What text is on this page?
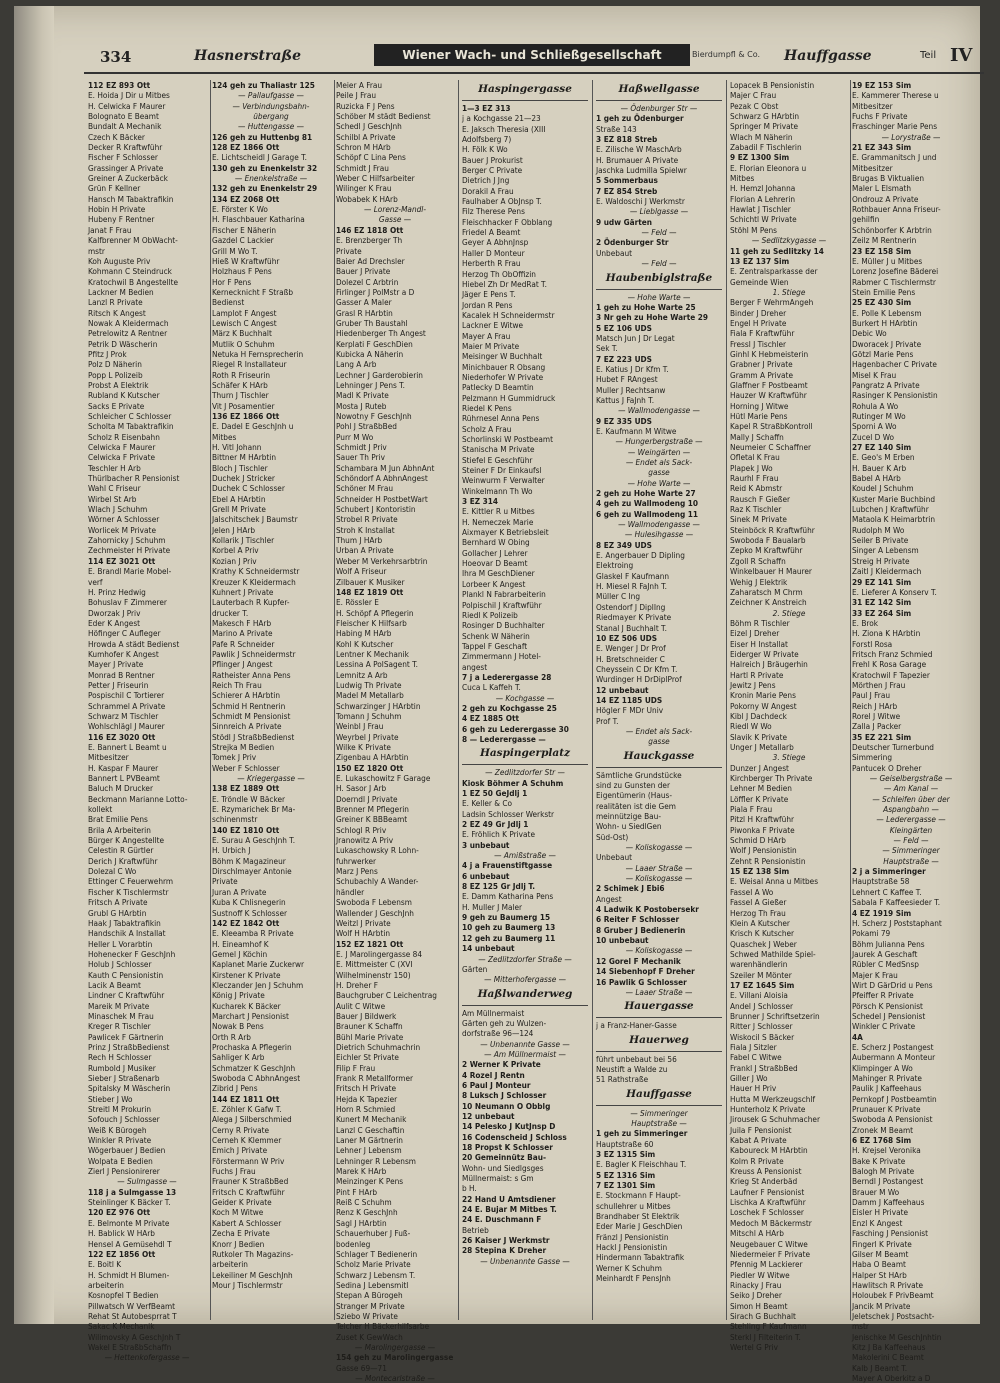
334	Hasnerstraße	Wiener Wach- und Schließgesellschaft	Bierdumpfl & Co. Hauffgasse	Teil IV
112 EZ 893 Ott
E. Hoida J Dir u Mitbes
H. Celwicka F Maurer
Bolognato E Beamt
Bundalt A Mechanik
Czech K Bäcker
Decker R Kraftwführ
Fischer F Schlosser
Grassinger A Private
Greiner A Zuckerbäck
Grün F Kellner
Hansch M Tabaktrafikin
Hobin H Private
Hubeny F Rentner
Janat F Frau
Kalfbrenner M ObWacht-
mstr
Koh Auguste Priv
Kohmann C Steindruck
Kratochwil B Angestellte
Lackner M Bedien
Lanzl R Private
Ritsch K Angest
Nowak A Kleidermach
Petrelowitz A Rentner
Petrik D Wäscherin
Pfitz J Prok
Polz D Näherin
Popp L Polizeib
Probst A Elektrik
Rubland K Kutscher
Sacks E Private
Schleicher C Schlosser
Scholta M Tabaktrafikin
Scholz R Eisenbahn
Celwicka F Maurer
Celwicka F Private
Teschler H Arb
Thürlbacher R Pensionist
Wahl C Friseur
Wirbel St Arb
Wlach J Schuhm
Wörner A Schlosser
Worlicek M Private
Zahornicky J Schuhm
Zechmeister H Private
114 EZ 3021 Ott
E. Brandl Marie Mobel-
verf
H. Prinz Hedwig
Bohuslav F Zimmerer
Dworzak J Priv
Eder K Angest
Höfinger C Aufleger
Hrowda A städt Bedienst
Kumhofer K Angest
Mayer J Private
Monrad B Rentner
Petter J Friseurin
Pospischil C Tortierer
Schrammel A Private
Schwarz M Tischler
Wohlschlägl J Maurer
116 EZ 3020 Ott
E. Bannert L Beamt u
Mitbesitzer
H. Kaspar F Maurer
Bannert L PVBeamt
Baluch M Drucker
Beckmann Marianne Lotto-
kollekt
Brat Emilie Pens
Brila A Arbeiterin
Bürger K Angestellte
Celestin R Gürtler
Derich J Kraftwführ
Dolezal C Wo
Ettinger C Feuerwehrm
Fischer K Tischlermstr
Fritsch A Private
Grubl G HArbtin
Haak J Tabaktrafikin
Handschik A Installat
Heller L Vorarbtin
Hohenecker F GeschJnh
Holub J Schlosser
Kauth C Pensionistin
Lacik A Beamt
Lindner C Kraftwführ
Mareik M Private
Minaschek M Frau
Kreger R Tischler
Pawlicek F Gärtnerin
Prinz J StraßbBedienst
Rech H Schlosser
Rumbold J Musiker
Sieber J Straßenarb
Spitalsky M Wäscherin
Stieber J Wo
Streitl M Prokurin
Sofouch J Schlosser
Weiß K Bürogeh
Winkler R Private
Wögerbauer J Bedien
Wolpata E Bedien
Zierl J Pensionirerer
— Sulmgasse —
118 j a Sulmgasse 13
Steinlinger K Bäcker T.
120 EZ 976 Ott
E. Belmonte M Private
H. Bablick W HArb
Hensel A Gemüsehdl T
122 EZ 1856 Ott
E. Boitl K
H. Schmidt H Blumen-
arbeiterin
Kosnopfel T Bedien
Pillwatsch W VerfBeamt
Rehat St Autobesprrat T
Sakac K Mechanik
Wilimovsky A GeschJnh T
Wakel E StraßbSchaffn
— Hettenkofergasse —
124 geh zu Thaliastr 125
— Pallaufgasse —
— Verbindungsbahn-
übergang
— Huttengasse —
126 geh zu Huttenbg 81
128 EZ 1866 Ott
E. Lichtscheidl J Garage T.
130 geh zu Enenkelstr 32
— Enenkelstraße —
132 geh zu Enenkelstr 29
134 EZ 2068 Ott
E. Förster K Wo
H. Flaschbauer Katharina
Fischer E Näherin
Gazdel C Lackier
Grill M Wo T.
Hieß W Kraftwführ
Holzhaus F Pens
Hor F Pens
Kernecknicht F Straßb
Bedienst
Lamplot F Angest
Lewisch C Angest
März K Buchhalt
Mutlik O Schuhm
Netuka H Fernsprecherin
Riegel R Installateur
Roth R Friseurin
Schäfer K HArb
Thurn J Tischler
Vit J Posamentier
136 EZ 1866 Ott
E. Dadel E GeschJnh u
Mitbes
H. Vitl Johann
Bittner M HArbtin
Bloch J Tischler
Duchek J Stricker
Duchek C Schlosser
Ebel A HArbtin
Grell M Private
Jalschitschek J Baumstr
Jelen J HArb
Kollarik J Tischler
Korbel A Priv
Kozian J Priv
Krathy K Schneidermstr
Kreuzer K Kleidermach
Kuhnert J Private
Lauterbach R Kupfer-
drucker T.
Makesch F HArb
Marino A Private
Pafe R Schneider
Pawlik J Schneidermstr
Pflinger J Angest
Ratheister Anna Pens
Reich Th Frau
Schierer A HArbtin
Schmid H Rentnerin
Schmidt M Pensionist
Sinnreich A Private
Stödl J StraßbBedienst
Strejka M Bedien
Tomek J Priv
Weber F Schlosser
— Kriegergasse —
138 EZ 1889 Ott
E. Tröndle W Bäcker
E. Rzymarichek Br Ma-
schinenmstr
140 EZ 1810 Ott
E. Surau A GeschJnh T.
H. Urbich J
Böhm K Magazineur
Dirschlmayer Antonie
Private
Juran A Private
Kuba K Chlisnegerin
Sustnoff K Schlosser
142 EZ 1842 Ott
E. Kleeamba R Private
H. Eineamhof K
Gemel J Köchin
Kaplanet Marie Zuckerwr
Kirstener K Private
Kleczander Jen J Schuhm
König J Private
Kucharek K Bäcker
Marchart J Pensionist
Nowak B Pens
Orth R Arb
Prochaska A Pflegerin
Sahliger K Arb
Schmatzer K GeschJnh
Swoboda C AbhnAngest
Zibrid J Pens
144 EZ 1811 Ott
E. Zöhler K Gafw T.
Alega J Silberschmied
Cerny R Private
Cerneh K Klemmer
Emich J Private
Förstermann W Priv
Fuchs J Frau
Frauner K StraßbBed
Fritsch C Kraftwführ
Geider K Private
Koch M Witwe
Kabert A Schlosser
Zecha E Private
Knorr J Bedien
Rutkoler Th Magazins-
arbeiterin
Lekeiliner M GeschJnh
Mour J Tischlermstr
Meier A Frau
Peile J Frau
Ruzicka F J Pens
Schöber M städt Bedienst
Schedl J GeschJnh
Schilbl A Private
Schron M HArb
Schöpf C Lina Pens
Schmidt J Frau
Weber C Hilfsarbeiter
Wilinger K Frau
Wobabek K HArb
— Lorenz-Mandl-
Gasse —
146 EZ 1818 Ott
E. Brenzberger Th
Private
Baier Ad Drechsler
Bauer J Private
Dolezel C Arbtrin
Firlinger J PolMstr a D
Gasser A Maler
Grasl R HArbtin
Gruber Th Baustahl
Hiedenberger Th Angest
Kerplati F GeschDien
Kubicka A Näherin
Lang A Arb
Lechner J Garderobierin
Lehninger J Pens T.
Madl K Private
Mosta J Ruteb
Nowotny F GeschJnh
Pohl J StraßbBed
Purr M Wo
Schmidt J Priv
Sauer Th Priv
Schambara M Jun AbhnAnt
Schöndorf A AbhnAngest
Schöner M Frau
Schneider H PostbetWart
Schubert J Kontoristin
Strobel R Private
Stroh K Installat
Thum J HArb
Urban A Private
Weber M Verkehrsarbtrin
Wolf A Friseur
Zilbauer K Musiker
148 EZ 1819 Ott
E. Rössler E
H. Schöpf A Pflegerin
Fleischer K Hilfsarb
Habing M HArb
Kohl K Kutscher
Lentner K Mechanik
Lessina A PolSagent T.
Lemnitz A Arb
Ludwig Th Private
Madel M Metallarb
Schwarzinger J HArbtin
Tomann J Schuhm
Weinbl J Frau
Weyrbel J Private
Wilke K Private
Zigenbau A HArbtin
150 EZ 1820 Ott
E. Lukaschowitz F Garage
H. Sasor J Arb
Doerndl J Private
Brenner M Pflegerin
Greiner K BBBeamt
Schlogl R Priv
Jranowitz A Priv
Lukaschowsky R Lohn-
fuhrwerker
Marz J Pens
Schubachly A Wander-
händler
Swoboda F Lebensm
Wallender J GeschJnh
Weitzl J Private
Wolf H HArbtin
152 EZ 1821 Ott
E. J Marolingergasse 84
E. Mittmeister C (XVI
Wilhelminenstr 150)
H. Dreher F
Bauchgruber C Leichentrag
Aulit C Witwe
Bauer J Bildwerk
Brauner K Schaffn
Bühl Marie Private
Dietrich Schuhmachrin
Eichler St Private
Filip F Frau
Frank R Metallformer
Fritsch H Private
Hejda K Tapezier
Horn R Schmied
Kunert M Mechanik
Lanzl C Geschaftin
Laner M Gärtnerin
Lehner J Lebensm
Lehninger R Lebensm
Marek K HArb
Meinzinger K Pens
Pint F HArb
Reiß C Schuhm
Renz K GeschJnh
Sagl J HArbtin
Schauerhuber J Fuß-
bodenleg
Schlager T Bedienerin
Scholz Marie Private
Schwarz J Lebensm T.
Sedina J Lebensmitl
Stepan A Bürogeh
Stranger M Private
Sziebo W Private
Teicher H Bäckerhilfsarbe
Zuset K GewWach
— Marolingergasse —
154 geh zu Marolingergasse
Gasse 69—71
— Montecarlstraße —
Haspingergasse
1—3 EZ 313
j a Kochgasse 21—23
E. Jaksch Theresia (XIII
Adolfsberg 7)
H. Fölk K Wo
Bauer J Prokurist
Berger C Private
Dietrich J Jng
Dorakil A Frau
Faulhaber A ObJnsp T.
Filz Therese Pens
Fleischhacker F Obblang
Friedel A Beamt
Geyer A AbhnJnsp
Haller D Monteur
Herberth R Frau
Herzog Th ObOffizin
Hiebel Zh Dr MedRat T.
Jäger E Pens T.
Jordan R Pens
Kacalek H Schneidermstr
Lackner E Witwe
Mayer A Frau
Maier M Private
Meisinger W Buchhalt
Minichbauer R Obsang
Niederhofer W Private
Patlecky D Beamtin
Pelzmann H Gummidruck
Riedel K Pens
Rührnesel Anna Pens
Scholz A Frau
Schorlinski W Postbeamt
Stanischa M Private
Stiefel E Geschführ
Steiner F Dr Einkaufsl
Weinwurm F Verwalter
Winkelmann Th Wo
3 EZ 314
E. Kittler R u Mitbes
H. Nemeczek Marie
Aixmayer K Betriebsleit
Bernhard W Obing
Gollacher J Lehrer
Hoeovar D Beamt
Ihra M GeschDiener
Lorbeer K Angest
Plankl N Fabrarbeiterin
Polpischil J Kraftwführ
Riedl K Polizeib
Rosinger D Buchhalter
Schenk W Näherin
Tappel F Geschaft
Zimmermann J Hotel-
angest
7 j a Lederergasse 28
Cuca L Kaffeh T.
— Kochgasse —
2 geh zu Kochgasse 25
4 EZ 1885 Ott
6 geh zu Lederergasse 30
8 — Lederergasse —
Haspingerplatz
— Zedlitzdorfer Str —
Kiosk Böhmer A Schuhm
1 EZ 50 GeJdlj 1
E. Keller & Co
Ladsin Schlosser Werkstr
2 EZ 49 Gr Jdlj 1
E. Fröhlich K Private
3 unbebaut
— Amißstraße —
4 j a Frauenstiftgasse
6 unbebaut
8 EZ 125 Gr Jdlj T.
E. Damm Katharina Pens
H. Muller J Maler
9 geh zu Baumerg 15
10 geh zu Baumerg 13
12 geh zu Baumerg 11
14 unbebaut
— Zedlitzdorfer Straße —
Gärten
— Mitterhofergasse —
Haßlwanderweg
Am Müllnermaist
Gärten geh zu Wulzen-
dorfstraße 96—124
— Unbenannte Gasse —
— Am Müllnermaist —
2 Werner K Private
4 Rozel J Rentn
6 Paul J Monteur
8 Luksch J Schlosser
10 Neumann O Obblg
12 unbebaut
14 Pelesko J KutJnsp D
16 Codenscheid J Schloss
18 Propst K Schlosser
20 Gemeinnütz Bau-
Wohn- und Siedlgsges
Müllnermaist: s Gm
b H.
22 Hand U Amtsdiener
24 E. Bujar M Mitbes T.
24 E. Duschmann F
Betrieb
26 Kaiser J Werkmstr
28 Stepina K Dreher
— Unbenannte Gasse —
Haßwellgasse
— Ödenburger Str —
1 geh zu Ödenburger
Straße 143
3 EZ 818 Streb
E. Zilische W MaschArb
H. Brumauer A Private
Jaschka Ludmilla Spielwr
5 Sommerbaus
7 EZ 854 Streb
E. Waldoschi J Werkmstr
— Lieblgasse —
9 udw Gärten
— Feld —
2 Ödenburger Str
Unbebaut
— Feld —
Haubenbiglstraße
— Hohe Warte —
1 geh zu Hohe Warte 25
3 Nr geh zu Hohe Warte 29
5 EZ 106 UDS
Matsch Jun J Dr Legat
Sek T.
7 EZ 223 UDS
E. Katius J Dr Kfm T.
Hubet F RAngest
Muller J Rechtsanw
Kattus J FaJnh T.
— Wallmodengasse —
9 EZ 335 UDS
E. Kaufmann M Witwe
— Hungerbergstraße —
— Weingärten —
— Endet als Sack-
gasse
— Hohe Warte —
2 geh zu Hohe Warte 27
4 geh zu Wallmodeng 10
6 geh zu Wallmodeng 11
— Wallmodengasse —
— Hulesihgasse —
8 EZ 349 UDS
E. Angerbauer D Dipling
Elektroing
Glaskel F Kaufmann
H. Miesel R FaJnh T.
Müller C Ing
Ostendorf J DiplIng
Riedmayer K Private
Stanal J Buchhalt T.
10 EZ 506 UDS
E. Wenger J Dr Prof
H. Bretschneider C
Cheyssein C Dr Kfm T.
Wurdinger H DrDiplProf
12 unbebaut
14 EZ 1185 UDS
Högler F MDr Univ
Prof T.
— Endet als Sack-
gasse
Hauckgasse
Sämtliche Grundstücke
sind zu Gunsten der
Eigentümerin (Haus-
realitäten ist die Gem
meinnützige Bau-
Wohn- u SiedlGen
Süd-Ost)
— Koliskogasse —
Unbebaut
— Laaer Straße —
— Koliskogasse —
2 Schimek J Ebi6
Angest
4 Ladwik K Postobersekr
6 Reiter F Schlosser
8 Gruber J Bedienerin
10 unbebaut
— Koliskogasse —
12 Gorel F Mechanik
14 Siebenhopf F Dreher
16 Pawlik G Schlosser
— Laaer Straße —
Hauergasse
j a Franz-Haner-Gasse
Hauerweg
führt unbebaut bei 56
Neustift a Walde zu
51 Rathstraße
Hauffgasse
— Simmeringer
Hauptstraße —
1 geh zu Simmeringer
Hauptstraße 60
3 EZ 1315 Sim
E. Bagler K Fleischhau T.
5 EZ 1316 Sim
7 EZ 1301 Sim
E. Stockmann F Haupt-
schullehrer u Mitbes
Brandhaber St Elektrik
Eder Marie J GeschDien
Fränzl J Pensionistin
Hackl J Pensionistin
Hindermann Tabaktrafik
Werner K Schuhm
Meinhardt F PensJnh
Lopacek B Pensionistin
Majer C Frau
Pezak C Obst
Schwarz G HArbtin
Springer M Private
Wlach M Näherin
Zabadil F Tischlerin
9 EZ 1300 Sim
E. Florian Eleonora u
Mitbes
H. Hemzl Johanna
Florian A Lehrerin
Hawlat J Tischler
Schichtl W Private
Stöhl M Pens
— Sedlitzkygasse —
11 geh zu Sedlitzky 14
13 EZ 137 Sim
E. Zentralsparkasse der
Gemeinde Wien
1. Stiege
Berger F WehrmAngeh
Binder J Dreher
Engel H Private
Fiala F Kraftwführ
Fressl J Tischler
Ginhl K Hebmeisterin
Grabner J Private
Gramm A Private
Glaffner F Postbeamt
Hauzer W Kraftwführ
Horning J Witwe
Hütl Marie Pens
Kapel R StraßbKontroll
Mally J Schaffn
Neumeier C Schaffner
Ofletal K Frau
Plapek J Wo
Raurhl F Frau
Reid K Abmstr
Rausch F Gießer
Raz K Tischler
Sinek M Private
Steinböck R Kraftwführ
Swoboda F Baualarb
Zepko M Kraftwführ
Zgoll R Schaffn
Winkelbauer H Maurer
Wehig J Elektrik
Zaharatsch M Chrm
Zeichner K Anstreich
2. Stiege
Böhm R Tischler
Eizel J Dreher
Eiser H Installat
Eiderger W Private
Halreich J Bräugerhin
Hartl R Private
Jewitz J Pens
Kronin Marie Pens
Pokorny W Angest
Kibl J Dachdeck
Riedl W Wo
Slavik K Private
Unger J Metallarb
3. Stiege
Dunzer J Angest
Kirchberger Th Private
Lehner M Bedien
Löffler K Private
Piala F Frau
Pitzl H Kraftwführ
Piwonka F Private
Schmid D HArb
Wolf J Pensionistin
Zehnt R Pensionistin
15 EZ 138 Sim
E. Weisal Anna u Mitbes
Fassel A Wo
Fassel A Gießer
Herzog Th Frau
Klein A Kutscher
Krisch K Kutscher
Quaschek J Weber
Schwed Mathilde Spiel-
warenhändlerin
Szeiler M Mönter
17 EZ 1645 Sim
E. Villani Aloisia
Andel J Schlosser
Brunner J Schriftsetzerin
Ritter J Schlosser
Wiskocil S Bäcker
Fiala J Sitzler
Fabel C Witwe
Frankl J StraßbBed
Giller J Wo
Hauer H Priv
Hutta M Werkzeugschlf
Hunterholz K Private
Jirousek G Schuhmacher
Juila F Pensionist
Kabat A Private
Kaboureck M HArbtin
Kolm R Private
Kreuss A Pensionist
Krieg St Anderbäd
Laufner F Pensionist
Lischka A Kraftwführ
Loschek F Schlosser
Medoch M Bäckermstr
Mitschl A HArb
Neugebauer C Witwe
Niedermeier F Private
Pfennig M Lackierer
Piedler W Witwe
Rinacky J Frau
Seiko J Dreher
Simon H Beamt
Sirach G Buchhalt
Stehling F Kaufmann
Sterkl J Filteiterin T.
Wertel G Priv
19 EZ 153 Sim
E. Kammerer Therese u
Mitbesitzer
Fuchs F Private
Fraschinger Marie Pens
— Lorystraße —
21 EZ 343 Sim
E. Grammanitsch J und
Mitbesitzer
Brugas B Viktualien
Maler L Elsmath
Ondrouz A Private
Rothbauer Anna Friseur-
gehilfin
Schönborfer K Arbtrin
Zeilz M Rentnerin
23 EZ 158 Sim
E. Müller J u Mitbes
Lorenz Josefine Bäderei
Rabmer C Tischlermstr
Stein Emilie Pens
25 EZ 430 Sim
E. Polle K Lebensm
Burkert H HArbtin
Debic Wo
Dworacek J Private
Götzl Marie Pens
Hagenbacher C Private
Misel K Frau
Pangratz A Private
Rasinger K Pensionistin
Rohula A Wo
Rutinger M Wo
Sporni A Wo
Zucel D Wo
27 EZ 140 Sim
E. Geo's M Erben
H. Bauer K Arb
Babel A HArb
Koudel J Schuhm
Kuster Marie Buchbind
Lubchen J Kraftwführ
Mataola K Heimarbtrin
Rudolph M Wo
Seiler B Private
Singer A Lebensm
Streig H Private
Zaitl J Kleidermach
29 EZ 141 Sim
E. Lieferer A Konserv T.
31 EZ 142 Sim
33 EZ 264 Sim
E. Brok
H. Ziona K HArbtin
Forstl Rosa
Fritsch Franz Schmied
Frehl K Rosa Garage
Kratochwil F Tapezier
Mörthen J Frau
Paul J Frau
Reich J HArb
Rorel J Witwe
Zalla J Packer
35 EZ 221 Sim
Deutscher Turnerbund
Simmering
Pantucek O Dreher
— Geiselbergstraße —
— Am Kanal —
— Schleifen über der
Aspangbahn —
— Lederergasse —
Kleingärten
— Feld —
— Simmeringer
Hauptstraße —
2 j a Simmeringer
Hauptstraße 58
Lehnert C Kaffee T.
Sabala F Kaffeesieder T.
4 EZ 1919 Sim
H. Scherz J Poststaphant
Pokami 79
Böhm Julianna Pens
Jaurek A Geschaft
Rübler C MedSnsp
Majer K Frau
Wirt D GärDrid u Pens
Pfeiffer R Private
Pörsch K Pensionist
Schedel J Pensionist
Winkler C Private
4A
E. Scherz J Postangest
Aubermann A Monteur
Klimpinger A Wo
Mahinger R Private
Paulik J Kaffeehaus
Pernkopf J Postbeamtin
Prunauer K Private
Swoboda A Pensionist
Zronek M Beamt
6 EZ 1768 Sim
H. Krejsel Veronika
Bake K Private
Balogh M Private
Berndl J Postangest
Brauer M Wo
Damm J Kaffeehaus
Eisler H Private
Enzl K Angest
Fasching J Pensionist
Fingerl K Private
Gilser M Beamt
Haba O Beamt
Halper St HArb
Hawlitsch R Private
Holoubek F PrivBeamt
Jancik M Private
Jeletschek J Postsacht-
mstr
Jenischke M GeschJnhtin
Kitz J Ba Kaffeehaus
Makolerini C Beamt
Kalb J Beamt T.
Mayer A Oberkitz a D
